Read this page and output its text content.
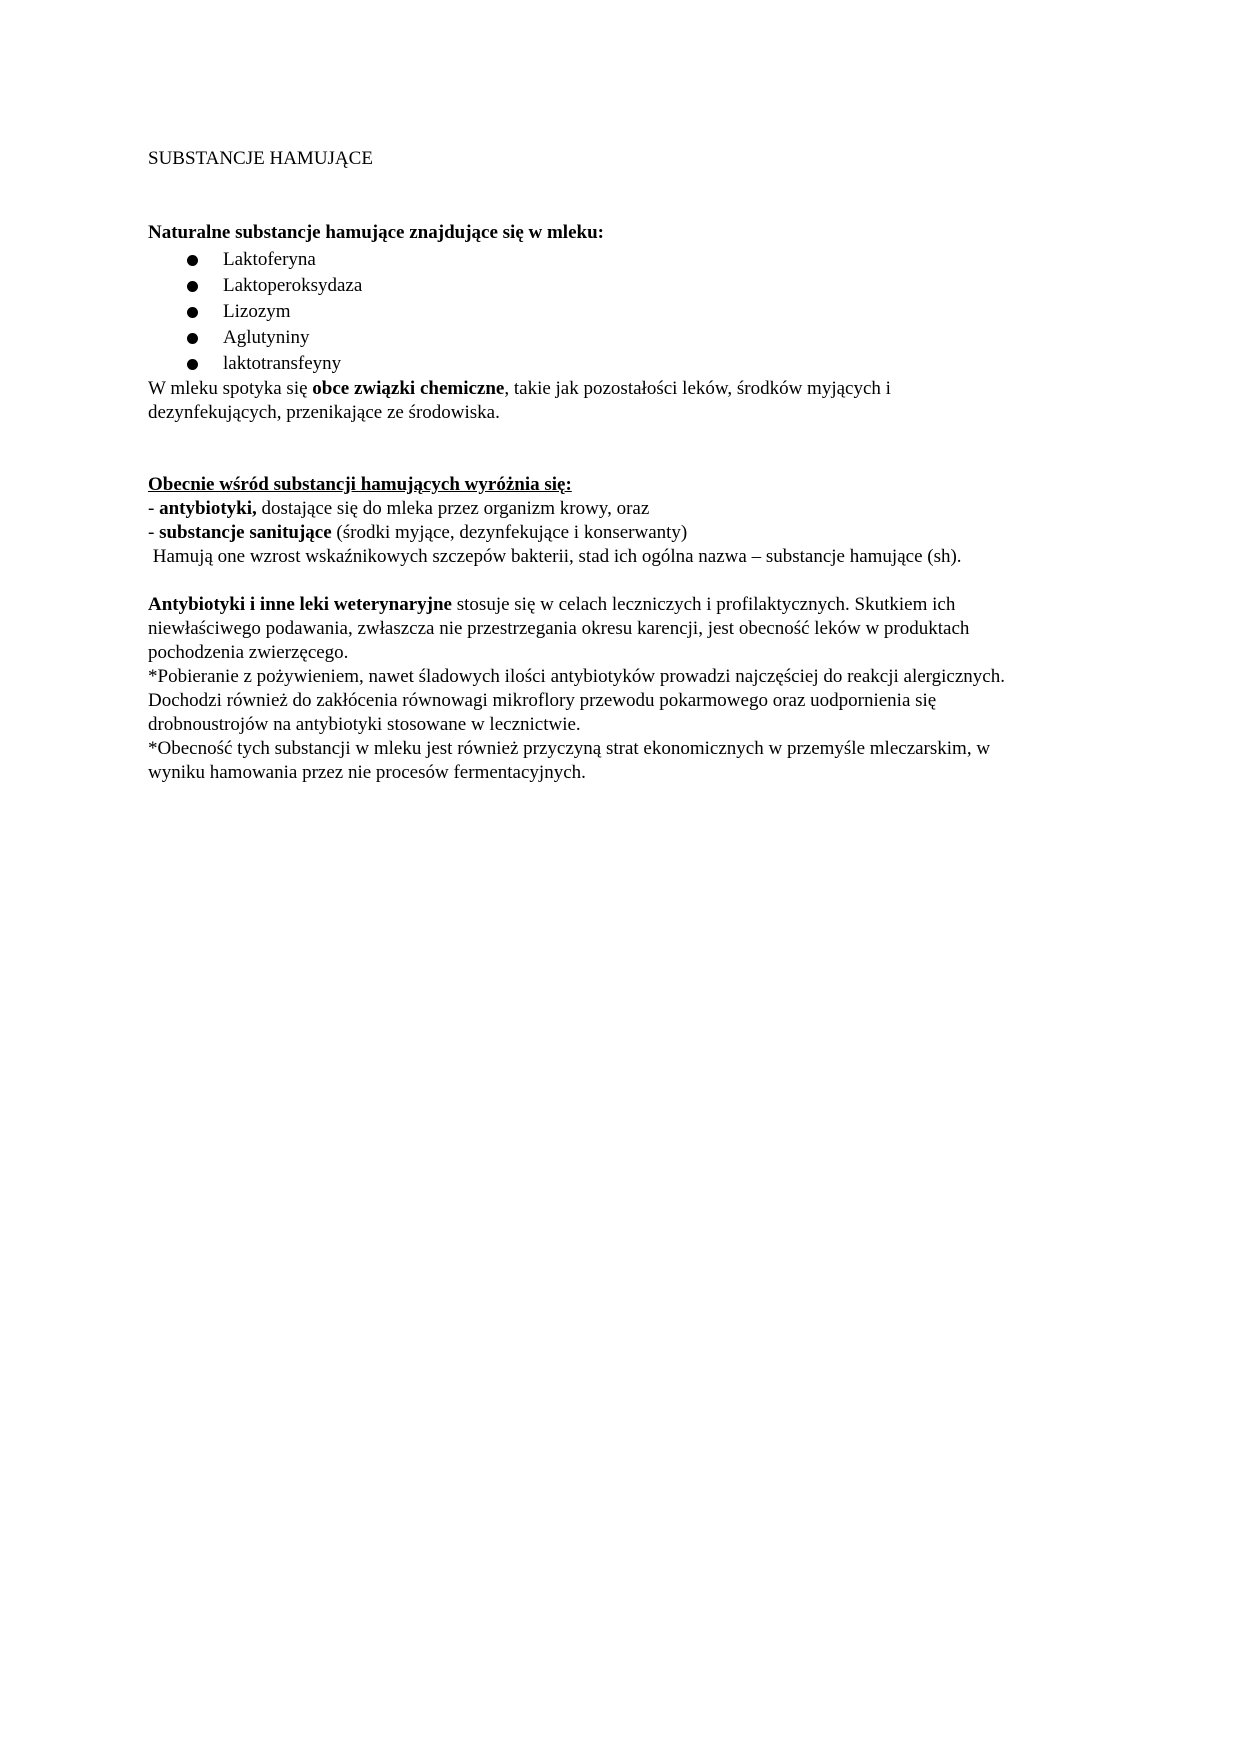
SUBSTANCJE HAMUJĄCE

Naturalne substancje hamujące znajdujące się w mleku:

Laktoferyna
Laktoperoksydaza
Lizozym
Aglutyniny
laktotransfeyny

W mleku spotyka się obce związki chemiczne, takie jak pozostałości leków, środków myjących i dezynfekujących, przenikające ze środowiska.

Obecnie wśród substancji hamujących wyróżnia się:

- antybiotyki, dostające się do mleka przez organizm krowy, oraz

- substancje sanitujące (środki myjące, dezynfekujące i konserwanty)

Hamują one wzrost wskaźnikowych szczepów bakterii, stad ich ogólna nazwa – substancje hamujące (sh).

Antybiotyki i inne leki weterynaryjne stosuje się w celach leczniczych i profilaktycznych. Skutkiem ich niewłaściwego podawania, zwłaszcza nie przestrzegania okresu karencji, jest obecność leków w produktach pochodzenia zwierzęcego.

*Pobieranie z pożywieniem, nawet śladowych ilości antybiotyków prowadzi najczęściej do reakcji alergicznych. Dochodzi również do zakłócenia równowagi mikroflory przewodu pokarmowego oraz uodpornienia się drobnoustrojów na antybiotyki stosowane w lecznictwie.

*Obecność tych substancji w mleku jest również przyczyną strat ekonomicznych w przemyśle mleczarskim, w wyniku hamowania przez nie procesów fermentacyjnych.
